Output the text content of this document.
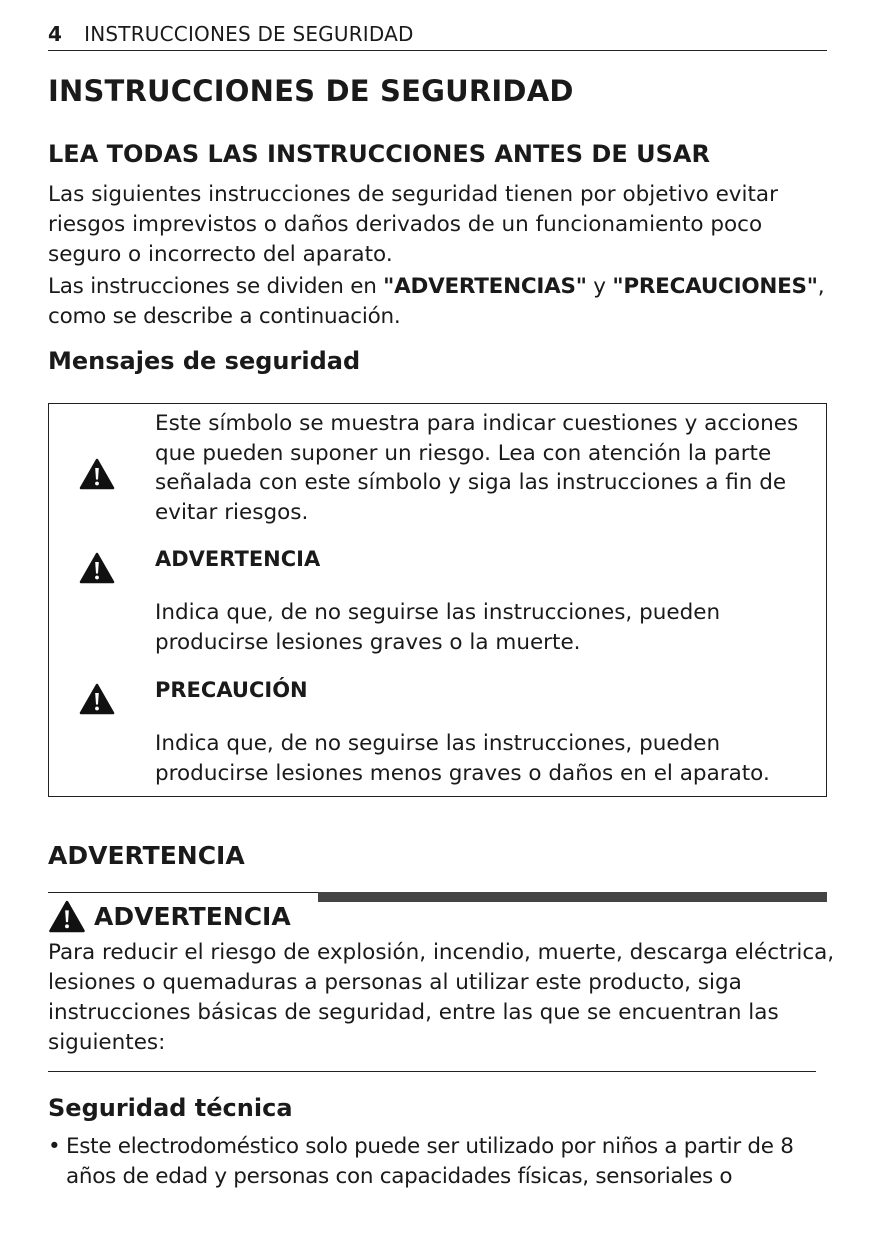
4 INSTRUCCIONES DE SEGURIDAD
INSTRUCCIONES DE SEGURIDAD
LEA TODAS LAS INSTRUCCIONES ANTES DE USAR

Las siguientes instrucciones de seguridad tienen por objetivo evitar riesgos imprevistos o daños derivados de un funcionamiento poco seguro o incorrecto del aparato.

Las instrucciones se dividen en "ADVERTENCIAS" y "PRECAUCIONES", como se describe a continuación.

Mensajes de seguridad

Este símbolo se muestra para indicar cuestiones y acciones que pueden suponer un riesgo. Lea con atención la parte señalada con este símbolo y siga las instrucciones a fin de evitar riesgos.

ADVERTENCIA

Indica que, de no seguirse las instrucciones, pueden producirse lesiones graves o la muerte.

PRECAUCIÓN

Indica que, de no seguirse las instrucciones, pueden producirse lesiones menos graves o daños en el aparato.

ADVERTENCIA
ADVERTENCIA

Para reducir el riesgo de explosión, incendio, muerte, descarga eléctrica, lesiones o quemaduras a personas al utilizar este producto, siga instrucciones básicas de seguridad, entre las que se encuentran las siguientes:

Seguridad técnica
• Este electrodoméstico solo puede ser utilizado por niños a partir de 8 años de edad y personas con capacidades físicas, sensoriales o
